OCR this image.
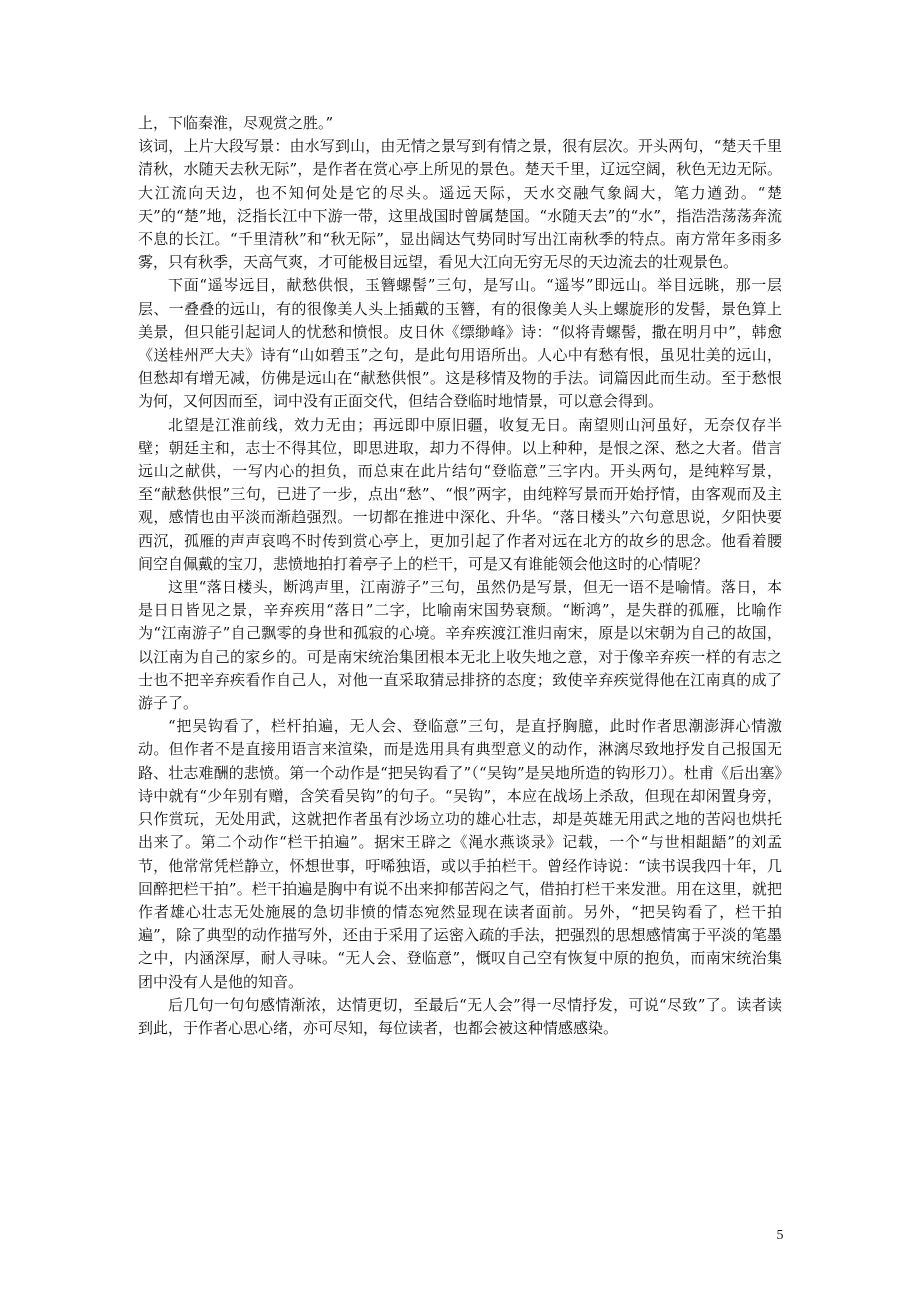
上，下临秦淮，尽观赏之胜。”

该词，上片大段写景：由水写到山，由无情之景写到有情之景，很有层次。开头两句，“楚天千里清秋，水随天去秋无际”，是作者在赏心亭上所见的景色。楚天千里，辽远空阔，秋色无边无际。大江流向天边，也不知何处是它的尽头。遥远天际，天水交融气象阔大，笔力遒劲。“楚天”的“楚”地，泛指长江中下游一带，这里战国时曾属楚国。“水随天去”的“水”，指浩浩荡荡奔流不息的长江。“千里清秋”和“秋无际”，显出阔达气势同时写出江南秋季的特点。南方常年多雨多雾，只有秋季，天高气爽，才可能极目远望，看见大江向无穷无尽的天边流去的壮观景色。

下面“遥岑远目，献愁供恨，玉簪螺髻”三句，是写山。“遥岑”即远山。举目远眺，那一层层、一叠叠的远山，有的很像美人头上插戴的玉簪，有的很像美人头上螺旋形的发髻，景色算上美景，但只能引起词人的忧愁和愤恨。皮日休《缥缈峰》诗：“似将青螺髻，撒在明月中”，韩愈《送桂州严大夫》诗有“山如碧玉”之句，是此句用语所出。人心中有愁有恨，虽见壮美的远山，但愁却有增无减，仿佛是远山在“献愁供恨”。这是移情及物的手法。词篇因此而生动。至于愁恨为何，又何因而至，词中没有正面交代，但结合登临时地情景，可以意会得到。

北望是江淮前线，效力无由；再远即中原旧疆，收复无日。南望则山河虽好，无奈仅存半壁；朝廷主和，志士不得其位，即思进取，却力不得伸。以上种种，是恨之深、愁之大者。借言远山之献供，一写内心的担负，而总束在此片结句“登临意”三字内。开头两句，是纯粹写景，至“献愁供恨”三句，已进了一步，点出“愁”、“恨”两字，由纯粹写景而开始抒情，由客观而及主观，感情也由平淡而渐趋强烈。一切都在推进中深化、升华。“落日楼头”六句意思说，夕阳快要西沉，孤雁的声声哀鸣不时传到赏心亭上，更加引起了作者对远在北方的故乡的思念。他看着腰间空自佩戴的宝刀，悲愤地拍打着亭子上的栏干，可是又有谁能领会他这时的心情呢？

这里“落日楼头，断鸿声里，江南游子”三句，虽然仍是写景，但无一语不是喻情。落日，本是日日皆见之景，辛弃疾用“落日”二字，比喻南宋国势衰颓。“断鸿”，是失群的孤雁，比喻作为“江南游子”自己飘零的身世和孤寂的心境。辛弃疾渡江淮归南宋，原是以宋朝为自己的故国，以江南为自己的家乡的。可是南宋统治集团根本无北上收失地之意，对于像辛弃疾一样的有志之士也不把辛弃疾看作自己人，对他一直采取猜忌排挤的态度；致使辛弃疾觉得他在江南真的成了游子了。

“把吴钩看了，栏杆拍遍，无人会、登临意”三句，是直抒胸臆，此时作者思潮澎湃心情激动。但作者不是直接用语言来渲染，而是选用具有典型意义的动作，淋漓尽致地抒发自己报国无路、壮志难酬的悲愤。第一个动作是“把吴钩看了”（“吴钩”是吴地所造的钩形刀）。杜甫《后出塞》诗中就有“少年别有赠，含笑看吴钩”的句子。“吴钩”，本应在战场上杀敌，但现在却闲置身旁，只作赏玩，无处用武，这就把作者虽有沙场立功的雄心壮志，却是英雄无用武之地的苦闷也烘托出来了。第二个动作“栏干拍遍”。据宋王辟之《渑水燕谈录》记载，一个“与世相龃龉”的刘孟节，他常常凭栏静立，怀想世事，吁唏独语，或以手拍栏干。曾经作诗说：“读书误我四十年，几回醉把栏干拍”。栏干拍遍是胸中有说不出来抑郁苦闷之气，借拍打栏干来发泄。用在这里，就把作者雄心壮志无处施展的急切非愤的情态宛然显现在读者面前。另外，“把吴钩看了，栏干拍遍”，除了典型的动作描写外，还由于采用了运密入疏的手法，把强烈的思想感情寓于平淡的笔墨之中，内涵深厚，耐人寻味。“无人会、登临意”，慨叹自己空有恢复中原的抱负，而南宋统治集团中没有人是他的知音。

后几句一句句感情渐浓，达情更切，至最后“无人会”得一尽情抒发，可说“尽致”了。读者读到此，于作者心思心绪，亦可尽知，每位读者，也都会被这种情感感染。

5
